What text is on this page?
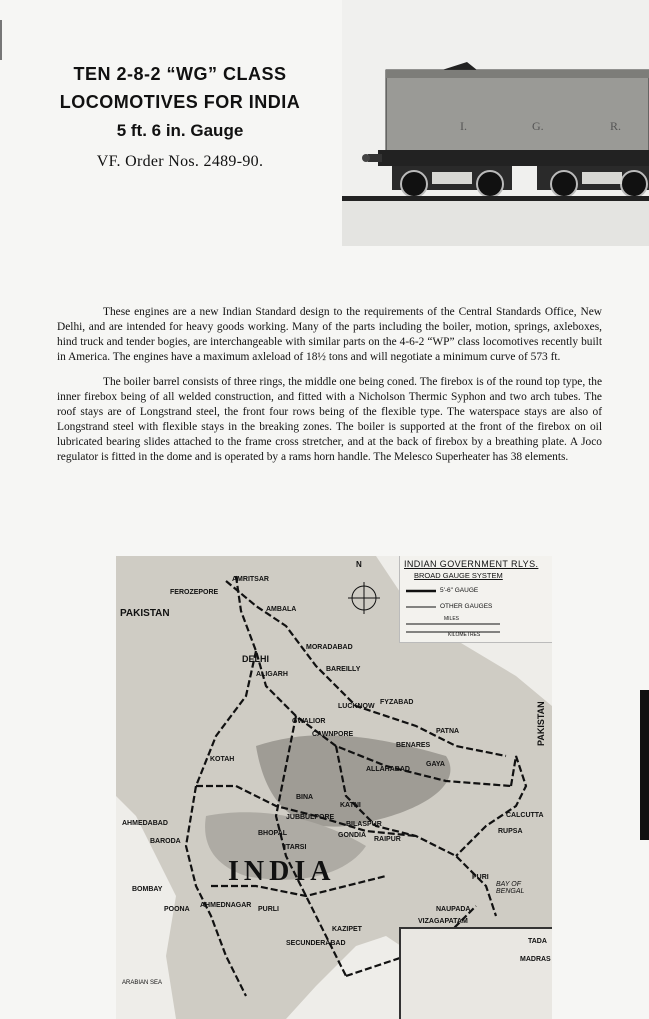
TEN 2-8-2 “WG” CLASS
LOCOMOTIVES FOR INDIA
5 ft. 6 in. Gauge
VF. Order Nos. 2489-90.
I.	G.	R.

These engines are a new Indian Standard design to the requirements of the Central Standards Office, New Delhi, and are intended for heavy goods working. Many of the parts including the boiler, motion, springs, axleboxes, hind truck and tender bogies, are interchangeable with similar parts on the 4-6-2 “WP” class locomotives recently built in America. The engines have a maximum axleload of 18½ tons and will negotiate a minimum curve of 573 ft.

The boiler barrel consists of three rings, the middle one being coned. The firebox is of the round top type, the inner firebox being of all welded construction, and fitted with a Nicholson Thermic Syphon and two arch tubes. The roof stays are of Longstrand steel, the front four rows being of the flexible type. The waterspace stays are also of Longstrand steel with flexible stays in the breaking zones. The boiler is supported at the front of the firebox on oil lubricated bearing slides attached to the frame cross stretcher, and at the back of firebox by a breathing plate. A Joco regulator is fitted in the dome and is operated by a rams horn handle. The Melesco Superheater has 38 elements.

N	INDIAN GOVERNMENT RLYS.
BROAD GAUGE SYSTEM
5'-6" GAUGE
OTHER GAUGES
MILES
KILOMETRES
PAKISTAN
PAKISTAN
INDIA	BAY OF BENGAL
ARABIAN SEA
AMRITSAR
FEROZEPORE
AMBALA
DELHI
ALIGARH
MORADABAD
BAREILLY
LUCKNOW
FYZABAD
GWALIOR
CAWNPORE
BENARES
PATNA
ALLAHABAD
GAYA
KOTAH
BINA
KATNI
AHMEDABAD
BARODA
JUBBULPORE
BHOPAL
ITARSI
BILASPUR
GONDIA
RAIPUR
CALCUTTA
RUPSA
BOMBAY
POONA
AHMEDNAGAR
PURLI
KAZIPET
SECUNDERABAD
PURI
NAUPADA
VIZAGAPATAM
TADA
MADRAS
